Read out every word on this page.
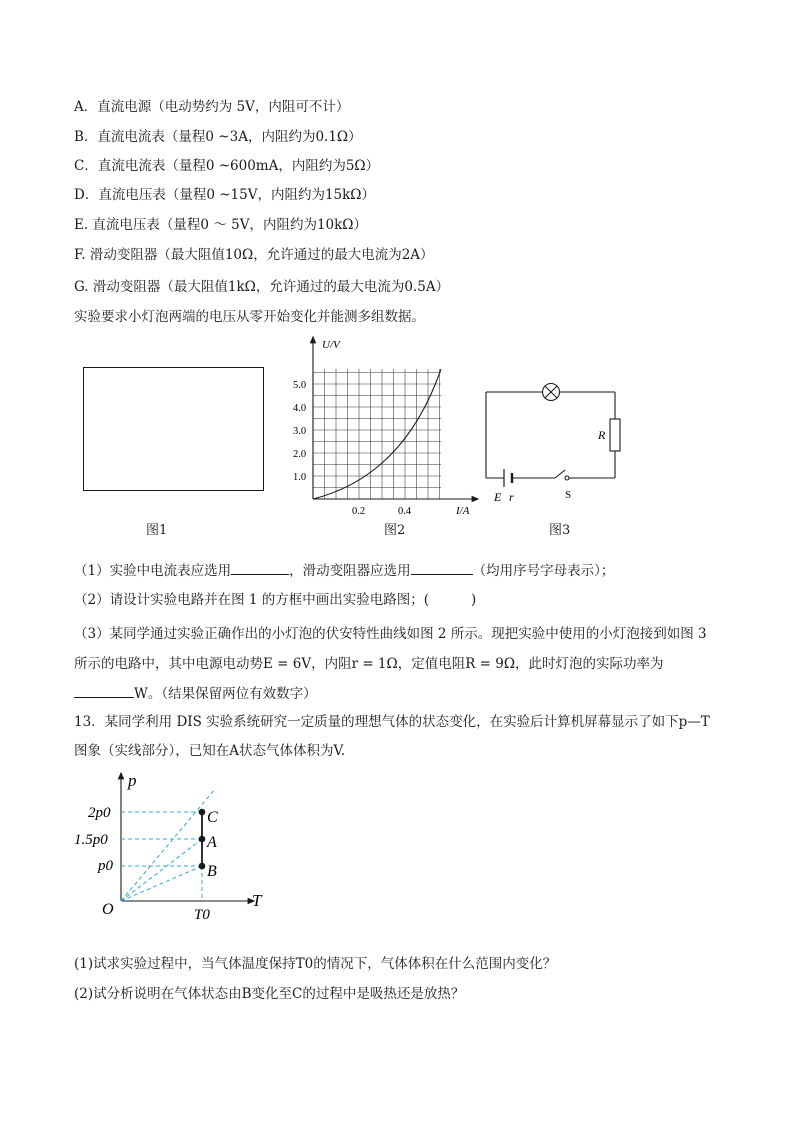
A．直流电源（电动势约为 5V，内阻可不计）
B．直流电流表（量程0 ~3A，内阻约为0.1Ω）
C．直流电流表（量程0 ~600mA，内阻约为5Ω）
D．直流电压表（量程0 ~15V，内阻约为15kΩ）
E. 直流电压表（量程0 ～ 5V，内阻约为10kΩ）
F. 滑动变阻器（最大阻值10Ω，允许通过的最大电流为2A）
G. 滑动变阻器（最大阻值1kΩ，允许通过的最大电流为0.5A）
实验要求小灯泡两端的电压从零开始变化并能测多组数据。
图1
U/V
I/A
5.0
4.0
3.0
2.0
1.0
0.2	0.4
图2
R
E r	S
图3
（1）实验中电流表应选用	，滑动变阻器应选用	（均用序号字母表示）；
（2）请设计实验电路并在图 1 的方框中画出实验电路图；(	)
（3）某同学通过实验正确作出的小灯泡的伏安特性曲线如图 2 所示。现把实验中使用的小灯泡接到如图 3
所示的电路中，其中电源电动势E = 6V，内阻r = 1Ω，定值电阻R = 9Ω，此时灯泡的实际功率为
W。（结果保留两位有效数字）
13．某同学利用 DIS 实验系统研究一定质量的理想气体的状态变化，在实验后计算机屏幕显示了如下p—T
图象（实线部分），已知在A状态气体体积为V.
p
T
O
2p0
1.5p0
p0
C
A
B
T0
(1)试求实验过程中，当气体温度保持T0的情况下，气体体积在什么范围内变化？
(2)试分析说明在气体状态由B变化至C的过程中是吸热还是放热？
